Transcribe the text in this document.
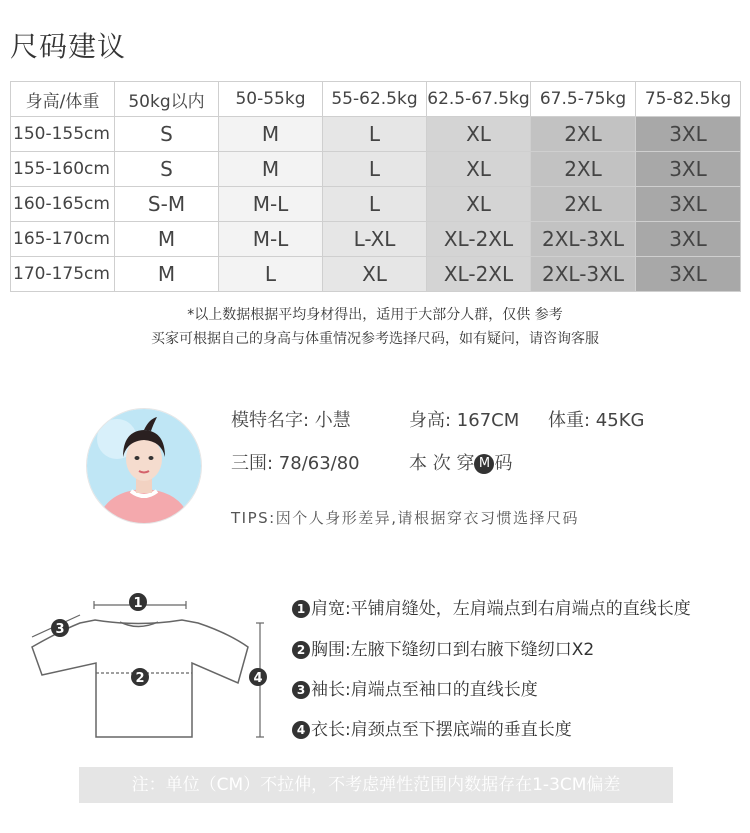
尺码建议
身高/体重	50kg以内	50-55kg	55-62.5kg	62.5-67.5kg	67.5-75kg	75-82.5kg
150-155cm	S	M	L	XL	2XL	3XL
155-160cm	S	M	L	XL	2XL	3XL
160-165cm	S-M	M-L	L	XL	2XL	3XL
165-170cm	M	M-L	L-XL	XL-2XL	2XL-3XL	3XL
170-175cm	M	L	XL	XL-2XL	2XL-3XL	3XL
*以上数据根据平均身材得出，适用于大部分人群，仅供 参考
买家可根据自己的身高与体重情况参考选择尺码，如有疑问，请咨询客服
模特名字: 小慧	身高: 167CM 体重: 45KG
三围: 78/63/80	本 次 穿 M 码
TIPS:因个人身形差异,请根据穿衣习惯选择尺码
1
2
3
4
1 肩宽:平铺肩缝处，左肩端点到右肩端点的直线长度
2 胸围:左腋下缝纫口到右腋下缝纫口X2
3 袖长:肩端点至袖口的直线长度
4 衣长:肩颈点至下摆底端的垂直长度
注：单位（CM）不拉伸，不考虑弹性范围内数据存在1-3CM偏差
